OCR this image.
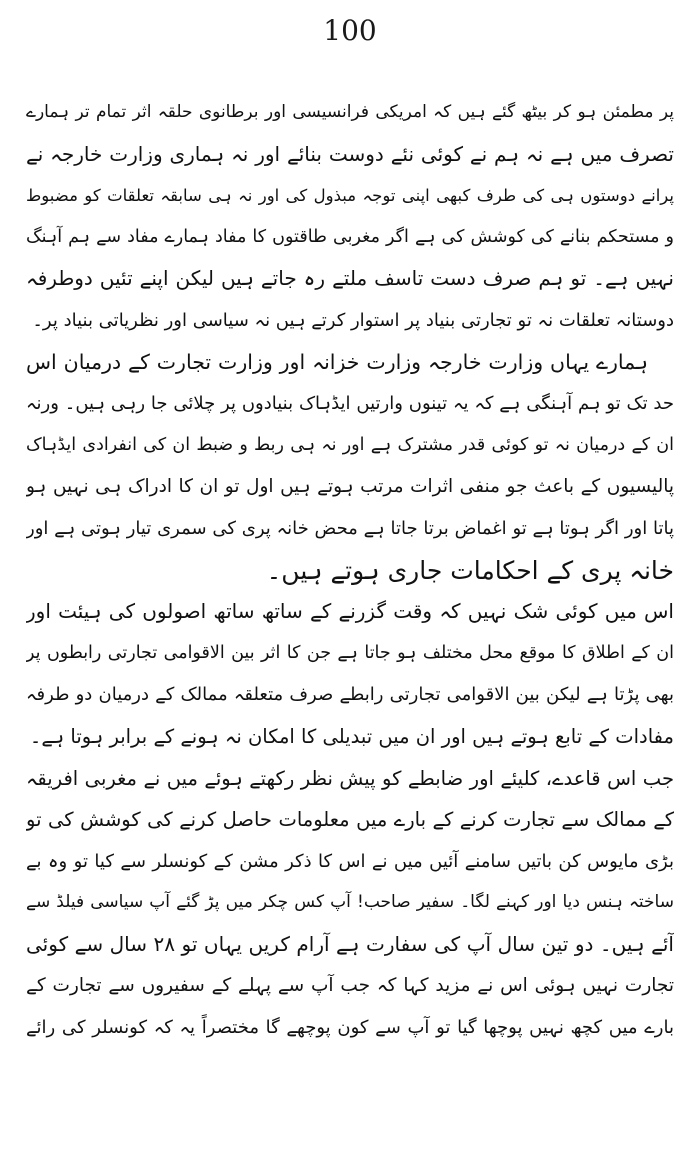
100
پر مطمئن ہو کر بیٹھ گئے ہیں کہ امریکی فرانسیسی اور برطانوی حلقہ اثر تمام تر ہمارے
تصرف میں ہے نہ ہم نے کوئی نئے دوست بنائے اور نہ ہماری وزارت خارجہ نے
پرانے دوستوں ہی کی طرف کبھی اپنی توجہ مبذول کی اور نہ ہی سابقہ تعلقات کو مضبوط
و مستحکم بنانے کی کوشش کی ہے اگر مغربی طاقتوں کا مفاد ہمارے مفاد سے ہم آہنگ
نہیں ہے۔ تو ہم صرف دست تاسف ملتے رہ جاتے ہیں لیکن اپنے تئیں دوطرفہ
دوستانہ تعلقات نہ تو تجارتی بنیاد پر استوار کرتے ہیں نہ سیاسی اور نظریاتی بنیاد پر۔
ہمارے یہاں وزارت خارجہ وزارت خزانہ اور وزارت تجارت کے درمیان اس
حد تک تو ہم آہنگی ہے کہ یہ تینوں وارتیں ایڈہاک بنیادوں پر چلائی جا رہی ہیں۔ ورنہ
ان کے درمیان نہ تو کوئی قدر مشترک ہے اور نہ ہی ربط و ضبط ان کی انفرادی ایڈہاک
پالیسیوں کے باعث جو منفی اثرات مرتب ہوتے ہیں اول تو ان کا ادراک ہی نہیں ہو
پاتا اور اگر ہوتا ہے تو اغماض برتا جاتا ہے محض خانہ پری کی سمری تیار ہوتی ہے اور
خانہ پری کے احکامات جاری ہوتے ہیں۔
اس میں کوئی شک نہیں کہ وقت گزرنے کے ساتھ ساتھ اصولوں کی ہیئت اور
ان کے اطلاق کا موقع محل مختلف ہو جاتا ہے جن کا اثر بین الاقوامی تجارتی رابطوں پر
بھی پڑتا ہے لیکن بین الاقوامی تجارتی رابطے صرف متعلقہ ممالک کے درمیان دو طرفہ
مفادات کے تابع ہوتے ہیں اور ان میں تبدیلی کا امکان نہ ہونے کے برابر ہوتا ہے۔
جب اس قاعدے، کلیئے اور ضابطے کو پیش نظر رکھتے ہوئے میں نے مغربی افریقہ
کے ممالک سے تجارت کرنے کے بارے میں معلومات حاصل کرنے کی کوشش کی تو
بڑی مایوس کن باتیں سامنے آئیں میں نے اس کا ذکر مشن کے کونسلر سے کیا تو وہ بے
ساختہ ہنس دیا اور کہنے لگا۔ سفیر صاحب! آپ کس چکر میں پڑ گئے آپ سیاسی فیلڈ سے
آئے ہیں۔ دو تین سال آپ کی سفارت ہے آرام کریں یہاں تو ۲۸ سال سے کوئی
تجارت نہیں ہوئی اس نے مزید کہا کہ جب آپ سے پہلے کے سفیروں سے تجارت کے
بارے میں کچھ نہیں پوچھا گیا تو آپ سے کون پوچھے گا مختصراً یہ کہ کونسلر کی رائے
